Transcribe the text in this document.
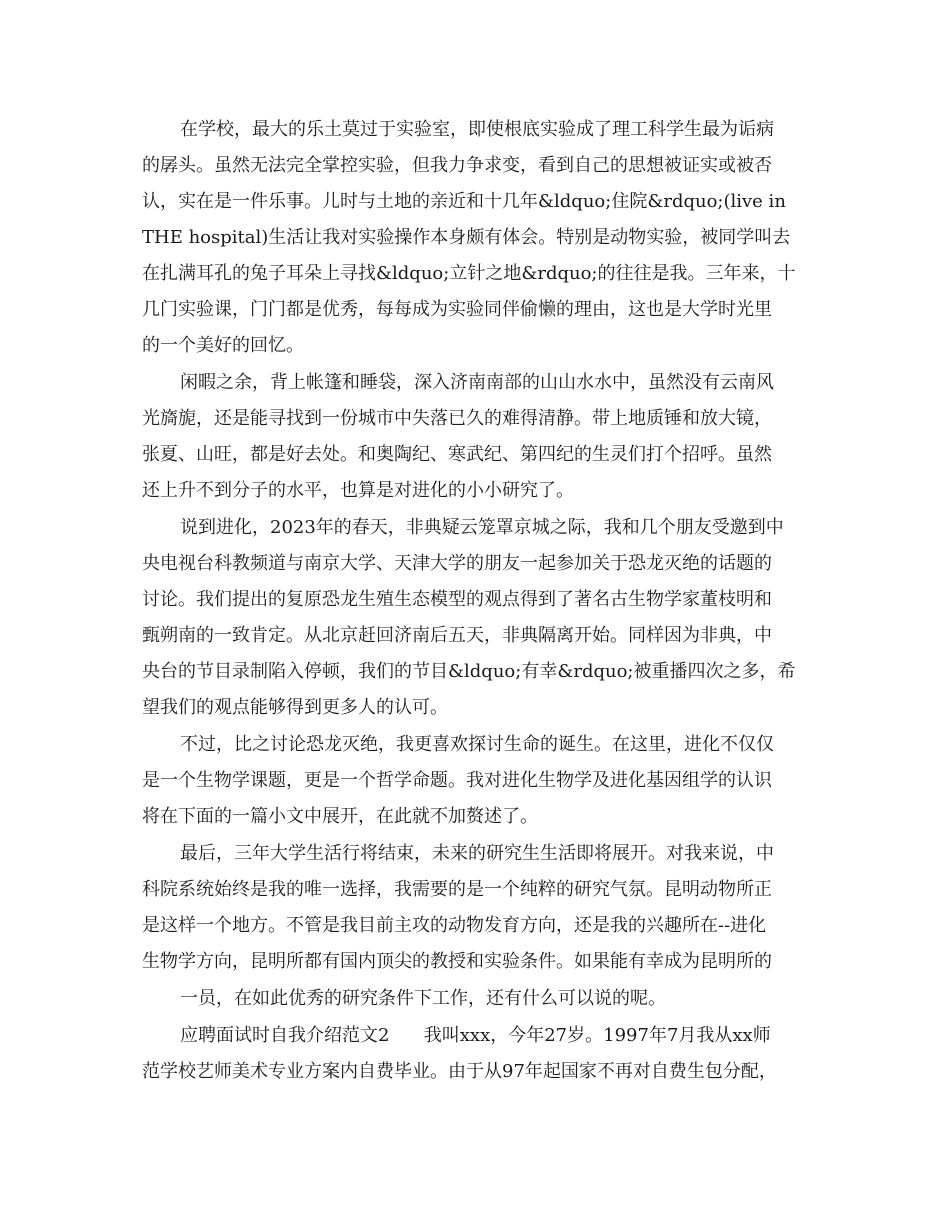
在学校，最大的乐土莫过于实验室，即使根底实验成了理工科学生最为诟病
的孱头。虽然无法完全掌控实验，但我力争求变，看到自己的思想被证实或被否
认，实在是一件乐事。儿时与土地的亲近和十几年&ldquo;住院&rdquo;(live in
THE hospital)生活让我对实验操作本身颇有体会。特别是动物实验，被同学叫去
在扎满耳孔的兔子耳朵上寻找&ldquo;立针之地&rdquo;的往往是我。三年来，十
几门实验课，门门都是优秀，每每成为实验同伴偷懒的理由，这也是大学时光里
的一个美好的回忆。
闲暇之余，背上帐篷和睡袋，深入济南南部的山山水水中，虽然没有云南风
光旖旎，还是能寻找到一份城市中失落已久的难得清静。带上地质锤和放大镜，
张夏、山旺，都是好去处。和奥陶纪、寒武纪、第四纪的生灵们打个招呼。虽然
还上升不到分子的水平，也算是对进化的小小研究了。
说到进化，2023年的春天，非典疑云笼罩京城之际，我和几个朋友受邀到中
央电视台科教频道与南京大学、天津大学的朋友一起参加关于恐龙灭绝的话题的
讨论。我们提出的复原恐龙生殖生态模型的观点得到了著名古生物学家董枝明和
甄朔南的一致肯定。从北京赶回济南后五天，非典隔离开始。同样因为非典，中
央台的节目录制陷入停顿，我们的节目&ldquo;有幸&rdquo;被重播四次之多，希
望我们的观点能够得到更多人的认可。
不过，比之讨论恐龙灭绝，我更喜欢探讨生命的诞生。在这里，进化不仅仅
是一个生物学课题，更是一个哲学命题。我对进化生物学及进化基因组学的认识
将在下面的一篇小文中展开，在此就不加赘述了。
最后，三年大学生活行将结束，未来的研究生生活即将展开。对我来说，中
科院系统始终是我的唯一选择，我需要的是一个纯粹的研究气氛。昆明动物所正
是这样一个地方。不管是我目前主攻的动物发育方向，还是我的兴趣所在--进化
生物学方向，昆明所都有国内顶尖的教授和实验条件。如果能有幸成为昆明所的
一员，在如此优秀的研究条件下工作，还有什么可以说的呢。
应聘面试时自我介绍范文2      我叫xxx，今年27岁。1997年7月我从xx师
范学校艺师美术专业方案内自费毕业。由于从97年起国家不再对自费生包分配，
